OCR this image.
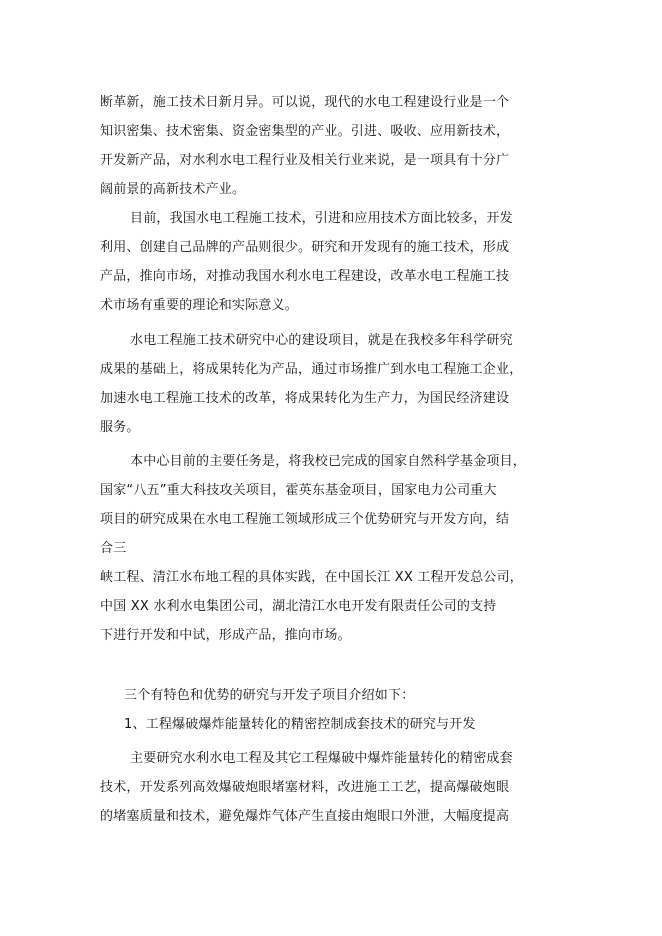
断革新，施工技术日新月异。可以说，现代的水电工程建设行业是一个
知识密集、技术密集、资金密集型的产业。引进、吸收、应用新技术，
开发新产品，对水利水电工程行业及相关行业来说，是一项具有十分广
阔前景的高新技术产业。
目前，我国水电工程施工技术，引进和应用技术方面比较多，开发
利用、创建自己品牌的产品则很少。研究和开发现有的施工技术，形成
产品，推向市场，对推动我国水利水电工程建设，改革水电工程施工技
术市场有重要的理论和实际意义。
水电工程施工技术研究中心的建设项目，就是在我校多年科学研究
成果的基础上，将成果转化为产品，通过市场推广到水电工程施工企业，
加速水电工程施工技术的改革，将成果转化为生产力，为国民经济建设
服务。
本中心目前的主要任务是，将我校已完成的国家自然科学基金项目，
国家“八五”重大科技攻关项目，霍英东基金项目，国家电力公司重大
项目的研究成果在水电工程施工领域形成三个优势研究与开发方向，结
合三
峡工程、清江水布地工程的具体实践，在中国长江 XX 工程开发总公司，
中国 XX 水利水电集团公司，湖北清江水电开发有限责任公司的支持
下进行开发和中试，形成产品，推向市场。
三个有特色和优势的研究与开发子项目介绍如下：
1、工程爆破爆炸能量转化的精密控制成套技术的研究与开发
主要研究水利水电工程及其它工程爆破中爆炸能量转化的精密成套
技术，开发系列高效爆破炮眼堵塞材料，改进施工工艺，提高爆破炮眼
的堵塞质量和技术，避免爆炸气体产生直接由炮眼口外泄，大幅度提高
